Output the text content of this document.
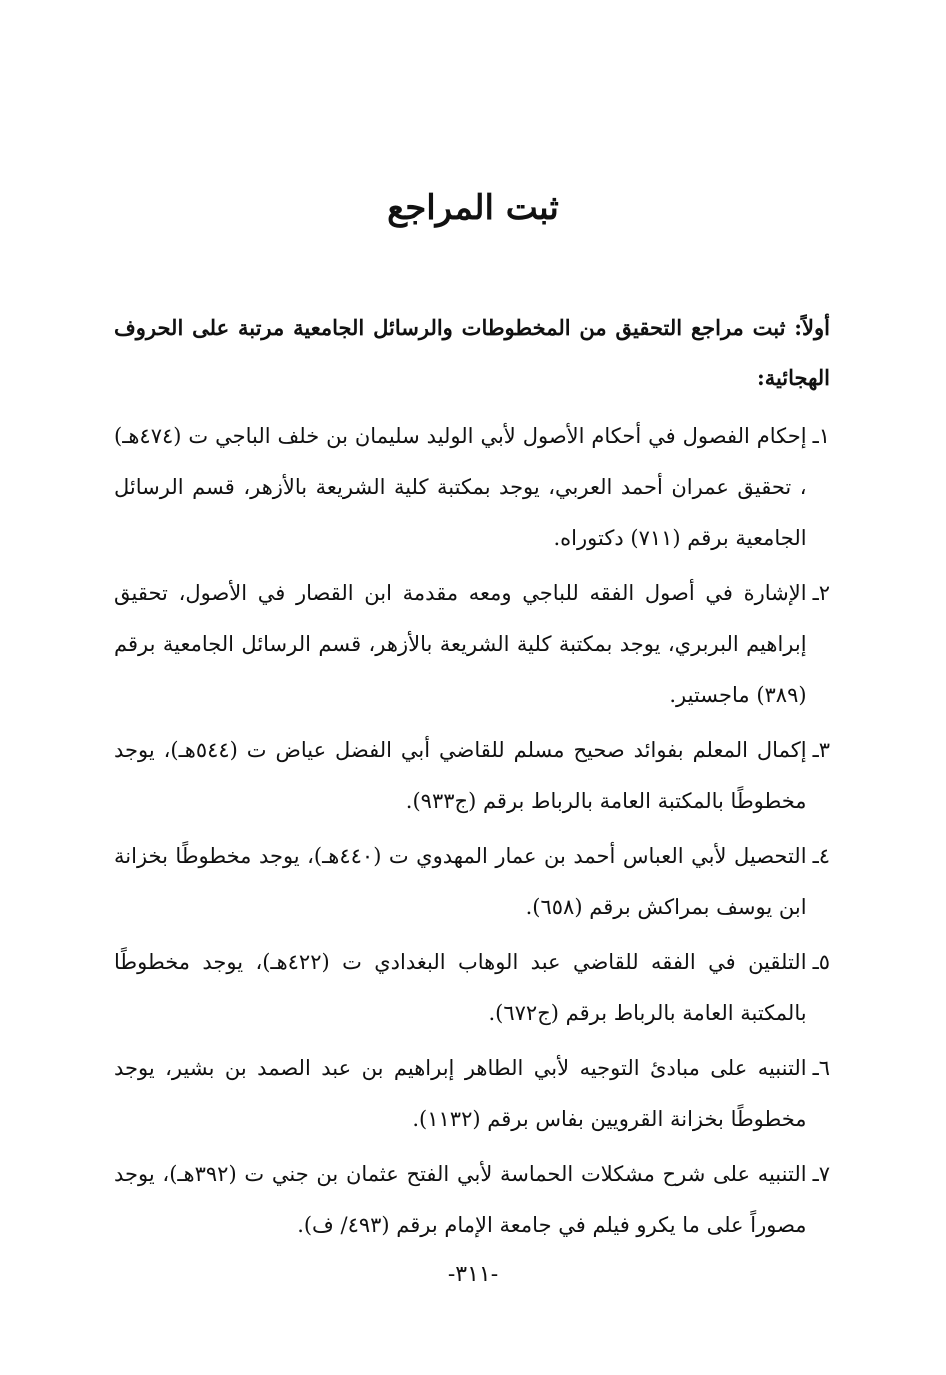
ثبت المراجع

أولاً: ثبت مراجع التحقيق من المخطوطات والرسائل الجامعية مرتبة على الحروف الهجائية:

١ـ
إحكام الفصول في أحكام الأصول لأبي الوليد سليمان بن خلف الباجي ت (٤٧٤هـ) ، تحقيق عمران أحمد العربي، يوجد بمكتبة كلية الشريعة بالأزهر، قسم الرسائل الجامعية برقم (٧١١) دكتوراه.
٢ـ
الإشارة في أصول الفقه للباجي ومعه مقدمة ابن القصار في الأصول، تحقيق إبراهيم البربري، يوجد بمكتبة كلية الشريعة بالأزهر، قسم الرسائل الجامعية برقم (٣٨٩) ماجستير.
٣ـ
إكمال المعلم بفوائد صحيح مسلم للقاضي أبي الفضل عياض ت (٥٤٤هـ)، يوجد مخطوطًا بالمكتبة العامة بالرباط برقم (ج٩٣٣).
٤ـ
التحصيل لأبي العباس أحمد بن عمار المهدوي ت (٤٤٠هـ)، يوجد مخطوطًا بخزانة ابن يوسف بمراكش برقم (٦٥٨).
٥ـ
التلقين في الفقه للقاضي عبد الوهاب البغدادي ت (٤٢٢هـ)، يوجد مخطوطًا بالمكتبة العامة بالرباط برقم (ج٦٧٢).
٦ـ
التنبيه على مبادئ التوجيه لأبي الطاهر إبراهيم بن عبد الصمد بن بشير، يوجد مخطوطًا بخزانة القرويين بفاس برقم (١١٣٢).
٧ـ
التنبيه على شرح مشكلات الحماسة لأبي الفتح عثمان بن جني ت (٣٩٢هـ)، يوجد مصوراً على ما يكرو فيلم في جامعة الإمام برقم (٤٩٣/ ف).
-٣١١-
